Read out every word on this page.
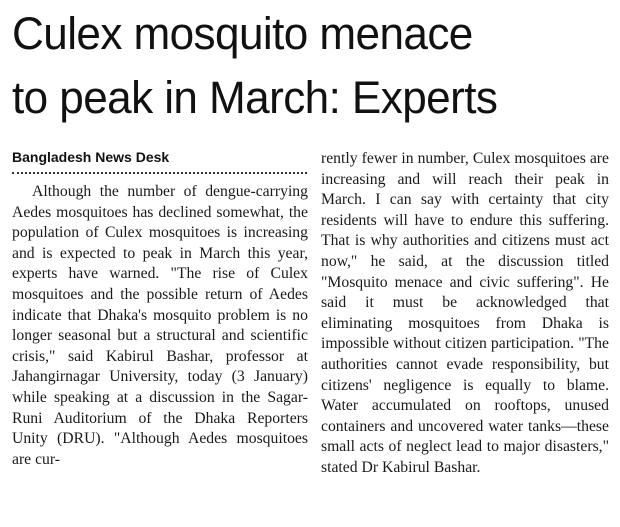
Culex mosquito menace
to peak in March: Experts
Bangladesh News Desk

Although the number of dengue-carrying Aedes mosquitoes has declined somewhat, the population of Culex mosquitoes is increasing and is expected to peak in March this year, experts have warned. "The rise of Culex mosquitoes and the possible return of Aedes indicate that Dhaka's mosquito problem is no longer seasonal but a structural and scientific crisis," said Kabirul Bashar, professor at Jahangirnagar University, today (3 January) while speaking at a discussion in the Sagar-Runi Auditorium of the Dhaka Reporters Unity (DRU). "Although Aedes mosquitoes are cur-

rently fewer in number, Culex mosquitoes are increasing and will reach their peak in March. I can say with certainty that city residents will have to endure this suffering. That is why authorities and citizens must act now," he said, at the discussion titled "Mosquito menace and civic suffering". He said it must be acknowledged that eliminating mosquitoes from Dhaka is impossible without citizen participation. "The authorities cannot evade responsibility, but citizens' negligence is equally to blame. Water accumulated on rooftops, unused containers and uncovered water tanks—these small acts of neglect lead to major disasters," stated Dr Kabirul Bashar.
